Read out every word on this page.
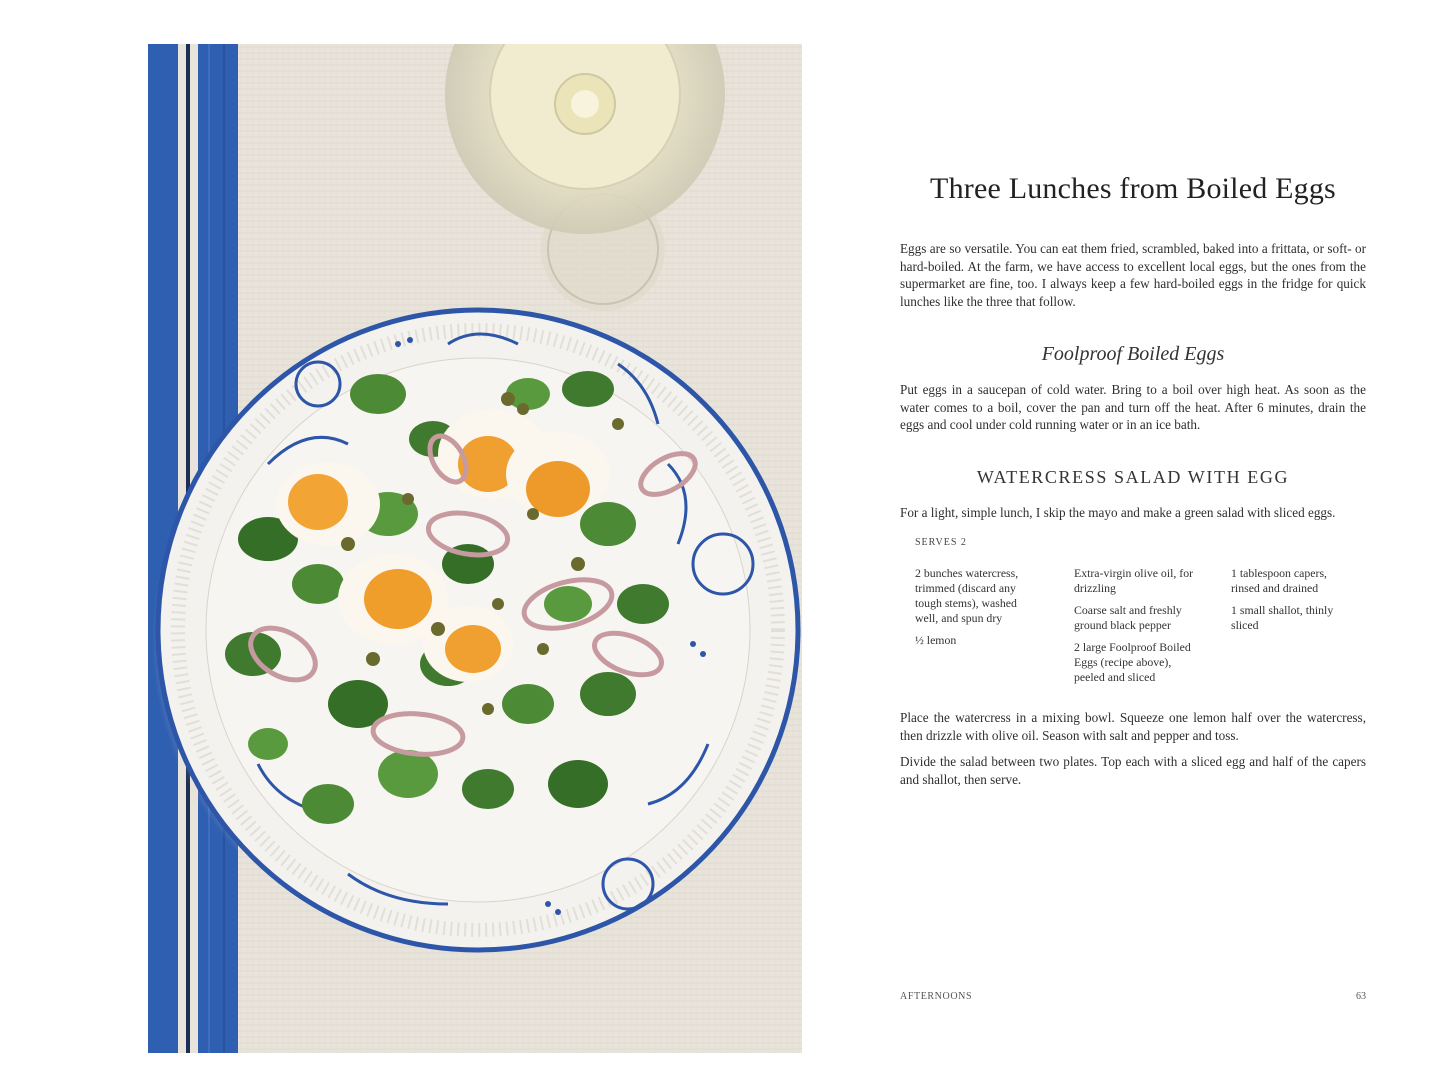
Three Lunches from Boiled Eggs

Eggs are so versatile. You can eat them fried, scrambled, baked into a frittata, or soft- or hard-boiled. At the farm, we have access to excellent local eggs, but the ones from the supermarket are fine, too. I always keep a few hard-boiled eggs in the fridge for quick lunches like the three that follow.

Foolproof Boiled Eggs

Put eggs in a saucepan of cold water. Bring to a boil over high heat. As soon as the water comes to a boil, cover the pan and turn off the heat. After 6 minutes, drain the eggs and cool under cold running water or in an ice bath.

WATERCRESS SALAD WITH EGG

For a light, simple lunch, I skip the mayo and make a green salad with sliced eggs.

SERVES 2

2 bunches watercress, trimmed (discard any tough stems), washed well, and spun dry

½ lemon

Extra-virgin olive oil, for drizzling

Coarse salt and freshly ground black pepper

2 large Foolproof Boiled Eggs (recipe above), peeled and sliced

1 tablespoon capers, rinsed and drained

1 small shallot, thinly sliced

Place the watercress in a mixing bowl. Squeeze one lemon half over the watercress, then drizzle with olive oil. Season with salt and pepper and toss.

Divide the salad between two plates. Top each with a sliced egg and half of the capers and shallot, then serve.

AFTERNOONS	63
